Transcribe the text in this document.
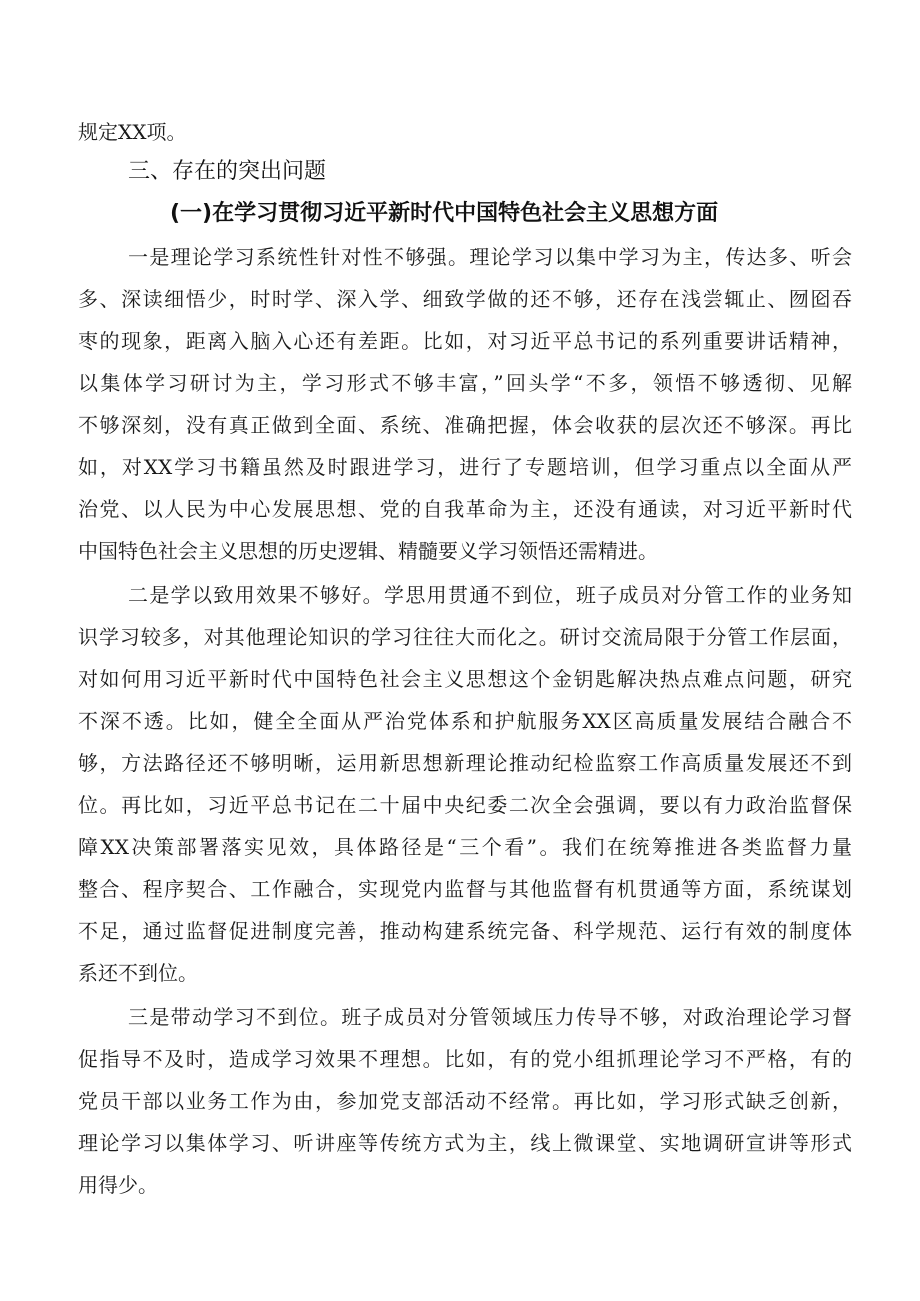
规定XX项。
三、存在的突出问题
(一)在学习贯彻习近平新时代中国特色社会主义思想方面
一是理论学习系统性针对性不够强。理论学习以集中学习为主，传达多、听会
多、深读细悟少，时时学、深入学、细致学做的还不够，还存在浅尝辄止、囫囵吞
枣的现象，距离入脑入心还有差距。比如，对习近平总书记的系列重要讲话精神，
以集体学习研讨为主，学习形式不够丰富，”回头学“不多，领悟不够透彻、见解
不够深刻，没有真正做到全面、系统、准确把握，体会收获的层次还不够深。再比
如，对XX学习书籍虽然及时跟进学习，进行了专题培训，但学习重点以全面从严
治党、以人民为中心发展思想、党的自我革命为主，还没有通读，对习近平新时代
中国特色社会主义思想的历史逻辑、精髓要义学习领悟还需精进。
二是学以致用效果不够好。学思用贯通不到位，班子成员对分管工作的业务知
识学习较多，对其他理论知识的学习往往大而化之。研讨交流局限于分管工作层面，
对如何用习近平新时代中国特色社会主义思想这个金钥匙解决热点难点问题，研究
不深不透。比如，健全全面从严治党体系和护航服务XX区高质量发展结合融合不
够，方法路径还不够明晰，运用新思想新理论推动纪检监察工作高质量发展还不到
位。再比如，习近平总书记在二十届中央纪委二次全会强调，要以有力政治监督保
障XX决策部署落实见效，具体路径是“三个看”。我们在统筹推进各类监督力量
整合、程序契合、工作融合，实现党内监督与其他监督有机贯通等方面，系统谋划
不足，通过监督促进制度完善，推动构建系统完备、科学规范、运行有效的制度体
系还不到位。
三是带动学习不到位。班子成员对分管领域压力传导不够，对政治理论学习督
促指导不及时，造成学习效果不理想。比如，有的党小组抓理论学习不严格，有的
党员干部以业务工作为由，参加党支部活动不经常。再比如，学习形式缺乏创新，
理论学习以集体学习、听讲座等传统方式为主，线上微课堂、实地调研宣讲等形式
用得少。
